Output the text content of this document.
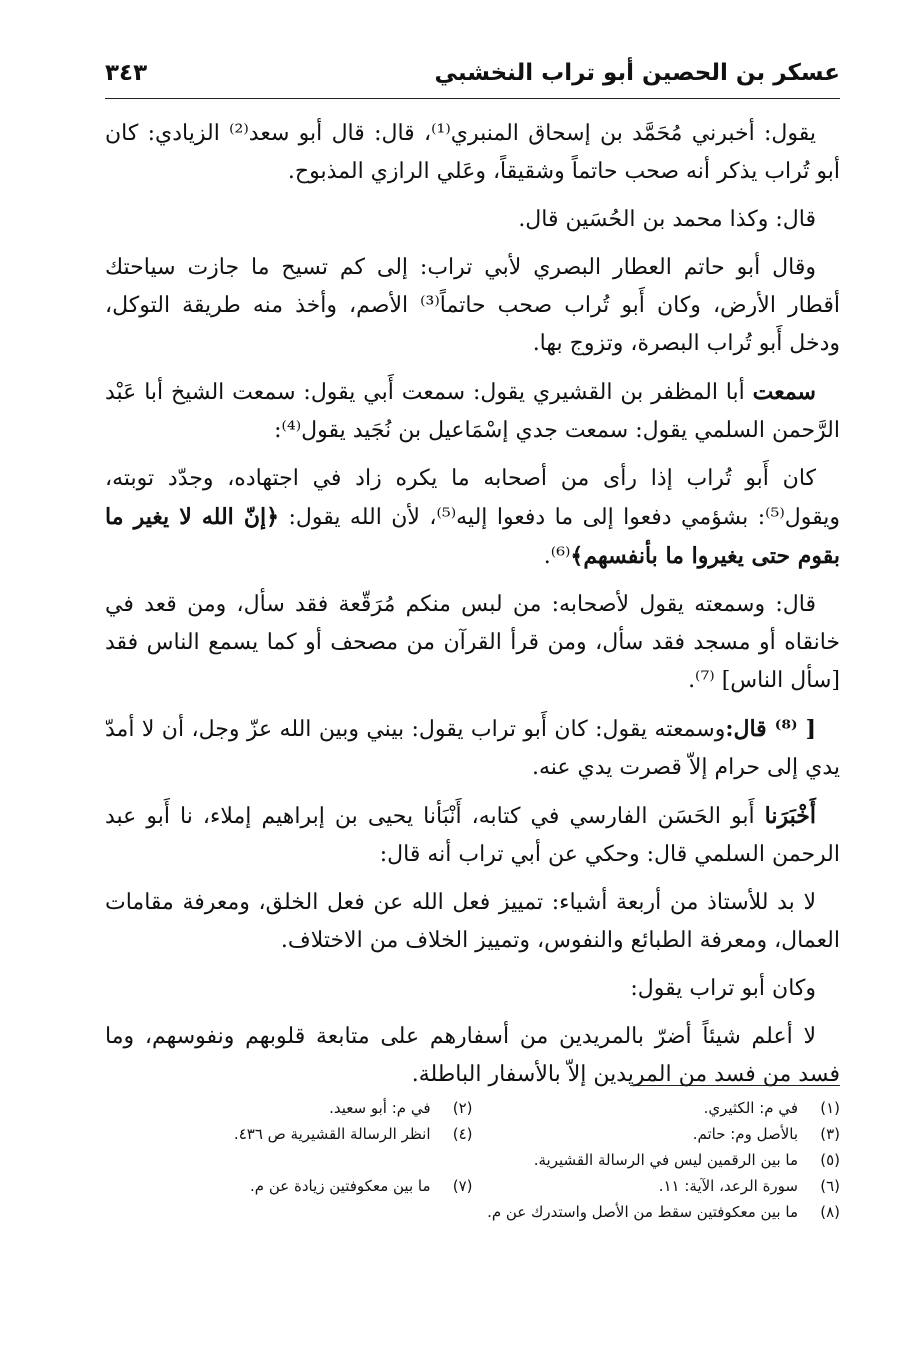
عسكر بن الحصين أبو تراب النخشبي
٣٤٣

يقول: أخبرني مُحَمَّد بن إسحاق المنبري⁽¹⁾، قال: قال أبو سعد⁽²⁾ الزيادي: كان أبو تُراب يذكر أنه صحب حاتماً وشقيقاً، وعَلي الرازي المذبوح.

قال: وكذا محمد بن الحُسَين قال.

وقال أبو حاتم العطار البصري لأبي تراب: إلى كم تسيح ما جازت سياحتك أقطار الأرض، وكان أَبو تُراب صحب حاتماً⁽³⁾ الأصم، وأخذ منه طريقة التوكل، ودخل أَبو تُراب البصرة، وتزوج بها.

سمعت أبا المظفر بن القشيري يقول: سمعت أَبي يقول: سمعت الشيخ أبا عَبْد الرَّحمن السلمي يقول: سمعت جدي إسْمَاعيل بن نُجَيد يقول⁽⁴⁾:

كان أَبو تُراب إذا رأى من أصحابه ما يكره زاد في اجتهاده، وجدّد توبته، ويقول⁽⁵⁾: بشؤمي دفعوا إلى ما دفعوا إليه⁽⁵⁾، لأن الله يقول: ﴿إنّ الله لا يغير ما بقوم حتى يغيروا ما بأنفسهم﴾⁽⁶⁾.

قال: وسمعته يقول لأصحابه: من لبس منكم مُرَقّعة فقد سأل، ومن قعد في خانقاه أو مسجد فقد سأل، ومن قرأ القرآن من مصحف أو كما يسمع الناس فقد [سأل الناس] ⁽⁷⁾.

[ ⁽⁸⁾ قال:وسمعته يقول: كان أَبو تراب يقول: بيني وبين الله عزّ وجل، أن لا أمدّ يدي إلى حرام إلاّ قصرت يدي عنه.

أَخْبَرَنا أَبو الحَسَن الفارسي في كتابه، أَنْبَأنا يحيى بن إبراهيم إملاء، نا أَبو عبد الرحمن السلمي قال: وحكي عن أبي تراب أنه قال:

لا بد للأستاذ من أربعة أشياء: تمييز فعل الله عن فعل الخلق، ومعرفة مقامات العمال، ومعرفة الطبائع والنفوس، وتمييز الخلاف من الاختلاف.

وكان أبو تراب يقول:

لا أعلم شيئاً أضرّ بالمريدين من أسفارهم على متابعة قلوبهم ونفوسهم، وما فسد من فسد من المريدين إلاّ بالأسفار الباطلة.

(١)
في م: الكثيري.
(٢)
في م: أبو سعيد.
(٣)
بالأصل وم: حاتم.
(٤)
انظر الرسالة القشيرية ص ٤٣٦.
(٥)
ما بين الرقمين ليس في الرسالة القشيرية.
(٦)
سورة الرعد، الآية: ١١.
(٧)
ما بين معكوفتين زيادة عن م.
(٨)
ما بين معكوفتين سقط من الأصل واستدرك عن م.
